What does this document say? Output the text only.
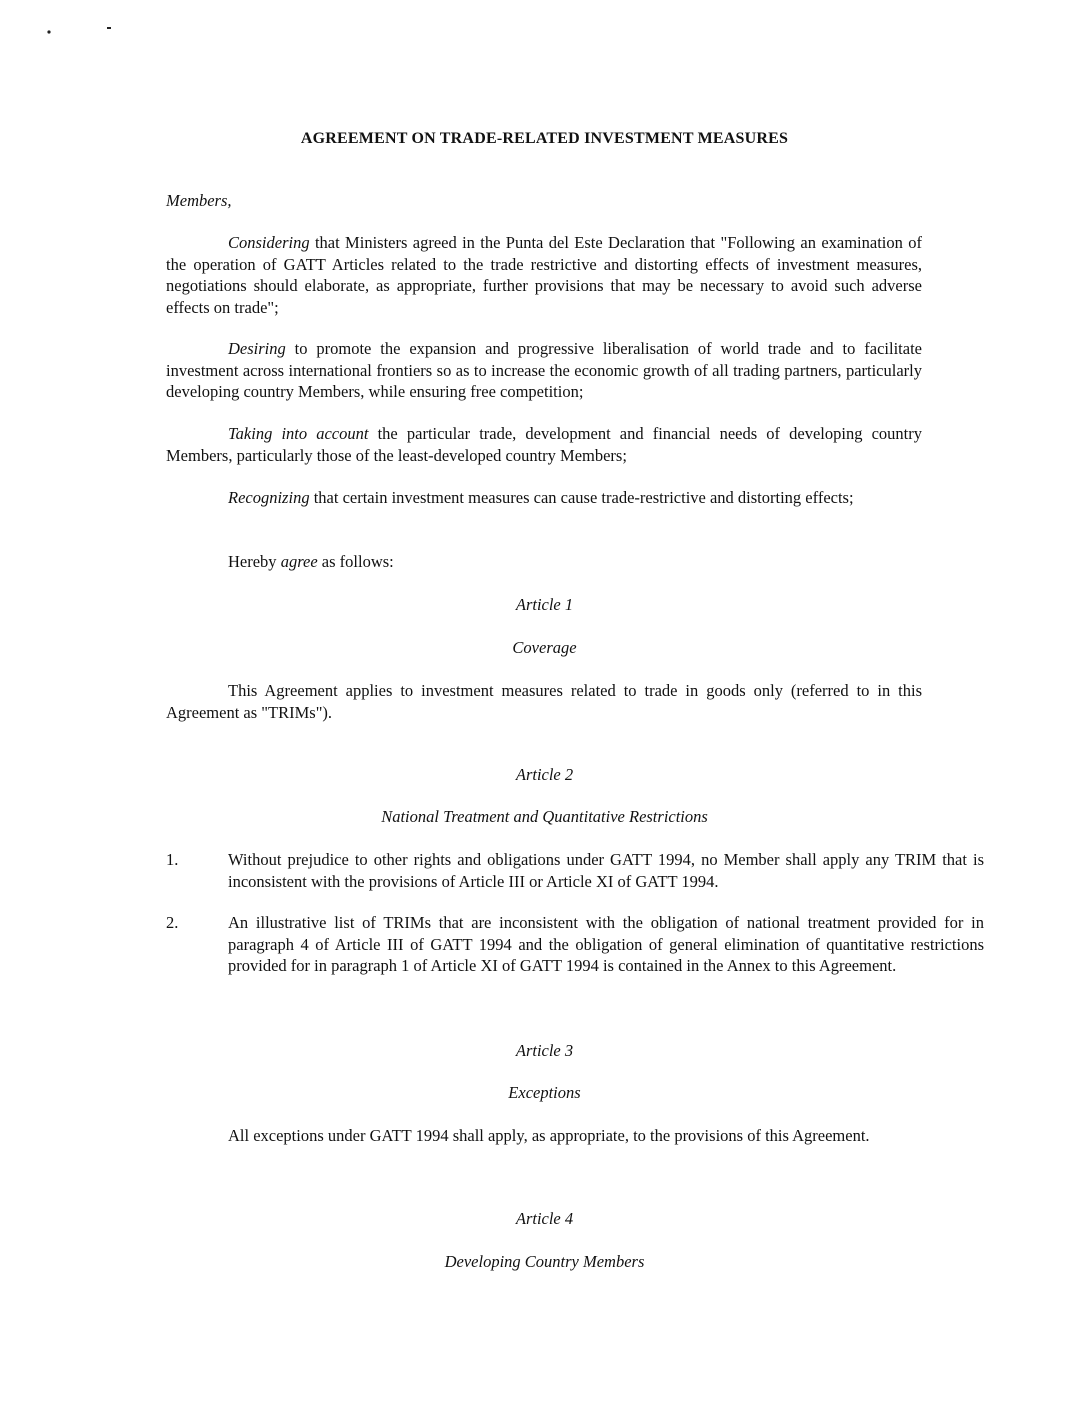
AGREEMENT ON TRADE-RELATED INVESTMENT MEASURES
Members,
Considering that Ministers agreed in the Punta del Este Declaration that "Following an examination of the operation of GATT Articles related to the trade restrictive and distorting effects of investment measures, negotiations should elaborate, as appropriate, further provisions that may be necessary to avoid such adverse effects on trade";
Desiring to promote the expansion and progressive liberalisation of world trade and to facilitate investment across international frontiers so as to increase the economic growth of all trading partners, particularly developing country Members, while ensuring free competition;
Taking into account the particular trade, development and financial needs of developing country Members, particularly those of the least-developed country Members;
Recognizing that certain investment measures can cause trade-restrictive and distorting effects;
Hereby agree as follows:
Article 1
Coverage
This Agreement applies to investment measures related to trade in goods only (referred to in this Agreement as "TRIMs").
Article 2
National Treatment and Quantitative Restrictions
1.	Without prejudice to other rights and obligations under GATT 1994, no Member shall apply any TRIM that is inconsistent with the provisions of Article III or Article XI of GATT 1994.
2.	An illustrative list of TRIMs that are inconsistent with the obligation of national treatment provided for in paragraph 4 of Article III of GATT 1994 and the obligation of general elimination of quantitative restrictions provided for in paragraph 1 of Article XI of GATT 1994 is contained in the Annex to this Agreement.
Article 3
Exceptions
All exceptions under GATT 1994 shall apply, as appropriate, to the provisions of this Agreement.
Article 4
Developing Country Members
